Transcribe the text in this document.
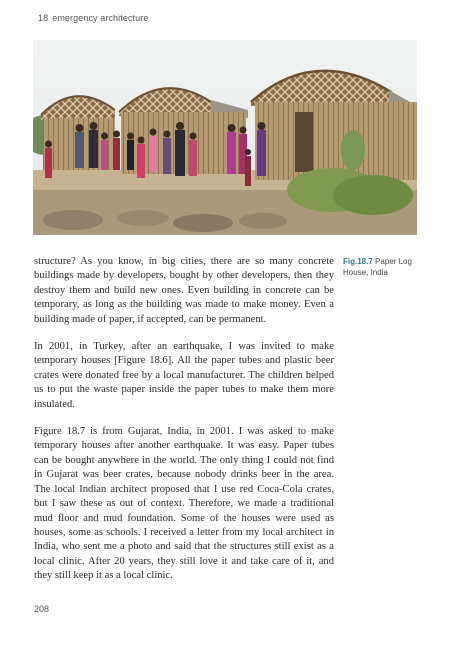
18 emergency architecture
Fig.18.7 Paper Log House, India

structure? As you know, in big cities, there are so many concrete buildings made by developers, bought by other developers, then they destroy them and build new ones. Even building in concrete can be temporary, as long as the building was made to make money. Even a building made of paper, if accepted, can be permanent.

In 2001, in Turkey, after an earthquake, I was invited to make temporary houses [Figure 18.6]. All the paper tubes and plastic beer crates were donated free by a local manufacturer. The children helped us to put the waste paper inside the paper tubes to make them more insulated.

Figure 18.7 is from Gujarat, India, in 2001. I was asked to make temporary houses after another earthquake. It was easy. Paper tubes can be bought anywhere in the world. The only thing I could not find in Gujarat was beer crates, because nobody drinks beer in the area. The local Indian architect proposed that I use red Coca-Cola crates, but I saw these as out of context. Therefore, we made a traditional mud floor and mud foundation. Some of the houses were used as houses, some as schools. I received a letter from my local architect in India, who sent me a photo and said that the structures still exist as a local clinic. After 20 years, they still love it and take care of it, and they still keep it as a local clinic.

208
